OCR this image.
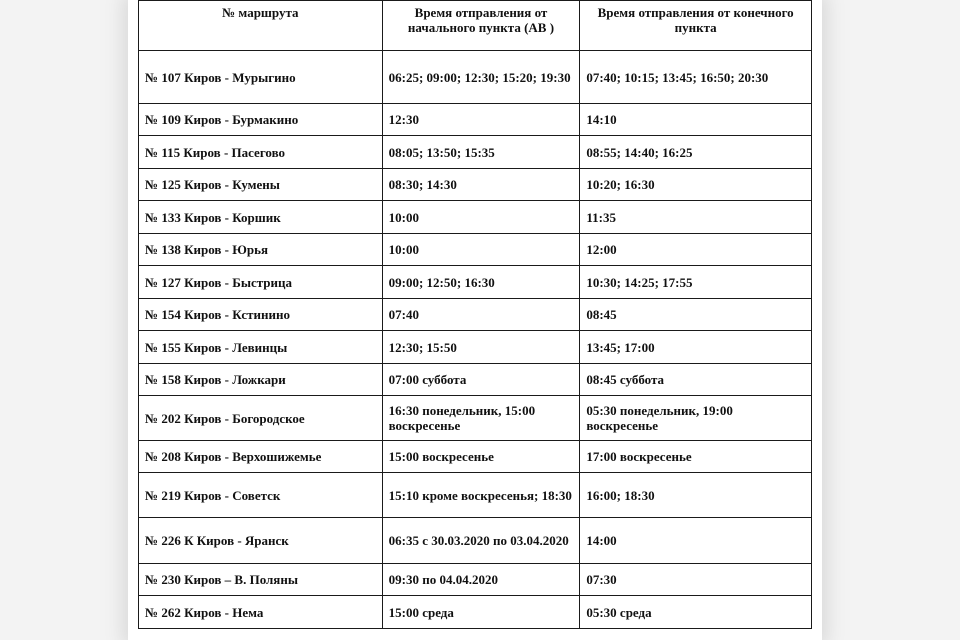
№ маршрута	Время отправления от начального пункта (АВ )	Время отправления от конечного пункта
№ 107 Киров - Мурыгино	06:25; 09:00; 12:30; 15:20; 19:30	07:40; 10:15; 13:45; 16:50; 20:30
№ 109 Киров - Бурмакино	12:30	14:10
№ 115 Киров - Пасегово	08:05; 13:50; 15:35	08:55; 14:40; 16:25
№ 125 Киров - Кумены	08:30; 14:30	10:20; 16:30
№ 133 Киров - Коршик	10:00	11:35
№ 138 Киров - Юрья	10:00	12:00
№ 127 Киров - Быстрица	09:00; 12:50; 16:30	10:30; 14:25; 17:55
№ 154 Киров - Кстинино	07:40	08:45
№ 155 Киров - Левинцы	12:30; 15:50	13:45; 17:00
№ 158 Киров - Ложкари	07:00 суббота	08:45 суббота
№ 202 Киров - Богородское	16:30 понедельник, 15:00 воскресенье	05:30 понедельник, 19:00 воскресенье
№ 208 Киров - Верхошижемье	15:00 воскресенье	17:00 воскресенье
№ 219 Киров - Советск	15:10 кроме воскресенья; 18:30	16:00; 18:30
№ 226 К Киров - Яранск	06:35 с 30.03.2020 по 03.04.2020	14:00
№ 230 Киров – В. Поляны	09:30 по 04.04.2020	07:30
№ 262 Киров - Нема	15:00 среда	05:30 среда
